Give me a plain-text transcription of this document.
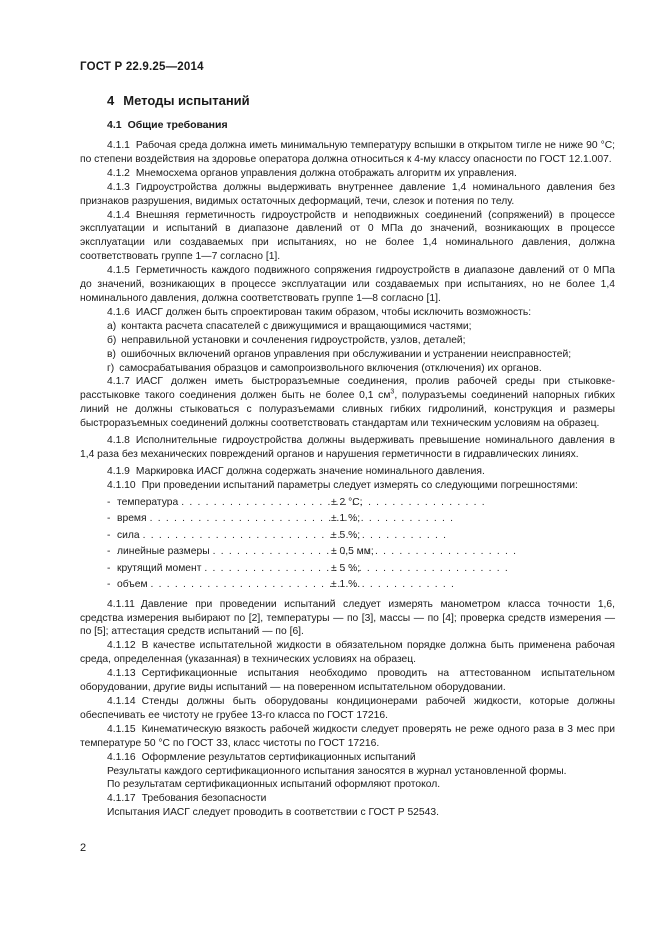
ГОСТ Р 22.9.25—2014
4 Методы испытаний
4.1 Общие требования

4.1.1 Рабочая среда должна иметь минимальную температуру вспышки в открытом тигле не ниже 90 °С; по степени воздействия на здоровье оператора должна относиться к 4-му классу опасности по ГОСТ 12.1.007.

4.1.2 Мнемосхема органов управления должна отображать алгоритм их управления.

4.1.3 Гидроустройства должны выдерживать внутреннее давление 1,4 номинального давления без признаков разрушения, видимых остаточных деформаций, течи, слезок и потения по телу.

4.1.4 Внешняя герметичность гидроустройств и неподвижных соединений (сопряжений) в процессе эксплуатации и испытаний в диапазоне давлений от 0 МПа до значений, возникающих в процессе эксплуатации или создаваемых при испытаниях, но не более 1,4 номинального давления, должна соответствовать группе 1—7 согласно [1].

4.1.5 Герметичность каждого подвижного сопряжения гидроустройств в диапазоне давлений от 0 МПа до значений, возникающих в процессе эксплуатации или создаваемых при испытаниях, но не более 1,4 номинального давления, должна соответствовать группе 1—8 согласно [1].

4.1.6 ИАСГ должен быть спроектирован таким образом, чтобы исключить возможность:

а) контакта расчета спасателей с движущимися и вращающимися частями;
б) неправильной установки и сочленения гидроустройств, узлов, деталей;
в) ошибочных включений органов управления при обслуживании и устранении неисправностей;
г) самосрабатывания образцов и самопроизвольного включения (отключения) их органов.

4.1.7 ИАСГ должен иметь быстроразъемные соединения, пролив рабочей среды при стыковке-расстыковке такого соединения должен быть не более 0,1 $см^3$, полуразъемы соединений напорных гибких линий не должны стыковаться с полуразъемами сливных гибких гидролиний, конструкция и размеры быстроразъемных соединений должны соответствовать стандартам или техническим условиям на образец.

4.1.8 Исполнительные гидроустройства должны выдерживать превышение номинального давления в 1,4 раза без механических повреждений органов и нарушения герметичности в гидравлических линиях.

4.1.9 Маркировка ИАСГ должна содержать значение номинального давления.

4.1.10 При проведении испытаний параметры следует измерять со следующими погрешностями:

- температура . . .	± 2 °С;
- время . . .	± 1 %;
- сила . . .	± 5 %;
- линейные размеры . . .	± 0,5 мм;
- крутящий момент . . .	± 5 %;
- объем . . .	± 1 %.

4.1.11 Давление при проведении испытаний следует измерять манометром класса точности 1,6, средства измерения выбирают по [2], температуры — по [3], массы — по [4]; проверка средств измерения — по [5]; аттестация средств испытаний — по [6].

4.1.12 В качестве испытательной жидкости в обязательном порядке должна быть применена рабочая среда, определенная (указанная) в технических условиях на образец.

4.1.13 Сертификационные испытания необходимо проводить на аттестованном испытательном оборудовании, другие виды испытаний — на поверенном испытательном оборудовании.

4.1.14 Стенды должны быть оборудованы кондиционерами рабочей жидкости, которые должны обеспечивать ее чистоту не грубее 13-го класса по ГОСТ 17216.

4.1.15 Кинематическую вязкость рабочей жидкости следует проверять не реже одного раза в 3 мес при температуре 50 °С по ГОСТ 33, класс чистоты по ГОСТ 17216.

4.1.16 Оформление результатов сертификационных испытаний

Результаты каждого сертификационного испытания заносятся в журнал установленной формы.

По результатам сертификационных испытаний оформляют протокол.

4.1.17 Требования безопасности

Испытания ИАСГ следует проводить в соответствии с ГОСТ Р 52543.

2
